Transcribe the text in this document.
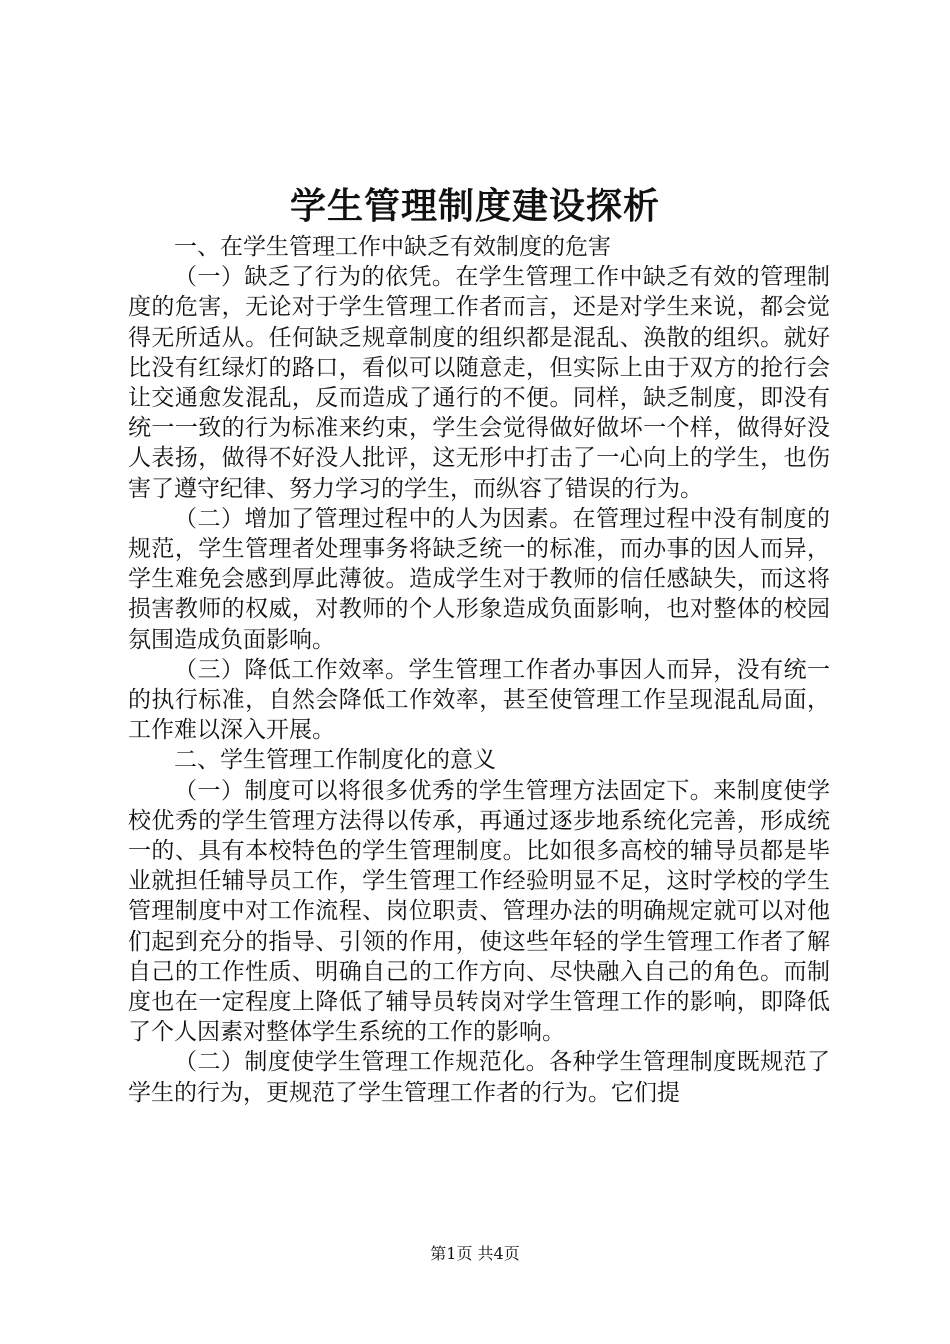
学生管理制度建设探析

一、在学生管理工作中缺乏有效制度的危害

（一）缺乏了行为的依凭。在学生管理工作中缺乏有效的管理制度的危害，无论对于学生管理工作者而言，还是对学生来说，都会觉得无所适从。任何缺乏规章制度的组织都是混乱、涣散的组织。就好比没有红绿灯的路口，看似可以随意走，但实际上由于双方的抢行会让交通愈发混乱，反而造成了通行的不便。同样，缺乏制度，即没有统一一致的行为标准来约束，学生会觉得做好做坏一个样，做得好没人表扬，做得不好没人批评，这无形中打击了一心向上的学生，也伤害了遵守纪律、努力学习的学生，而纵容了错误的行为。

（二）增加了管理过程中的人为因素。在管理过程中没有制度的规范，学生管理者处理事务将缺乏统一的标准，而办事的因人而异，学生难免会感到厚此薄彼。造成学生对于教师的信任感缺失，而这将损害教师的权威，对教师的个人形象造成负面影响，也对整体的校园氛围造成负面影响。

（三）降低工作效率。学生管理工作者办事因人而异，没有统一的执行标准，自然会降低工作效率，甚至使管理工作呈现混乱局面，工作难以深入开展。

二、学生管理工作制度化的意义

（一）制度可以将很多优秀的学生管理方法固定下。来制度使学校优秀的学生管理方法得以传承，再通过逐步地系统化完善，形成统一的、具有本校特色的学生管理制度。比如很多高校的辅导员都是毕业就担任辅导员工作，学生管理工作经验明显不足，这时学校的学生管理制度中对工作流程、岗位职责、管理办法的明确规定就可以对他们起到充分的指导、引领的作用，使这些年轻的学生管理工作者了解自己的工作性质、明确自己的工作方向、尽快融入自己的角色。而制度也在一定程度上降低了辅导员转岗对学生管理工作的影响，即降低了个人因素对整体学生系统的工作的影响。

（二）制度使学生管理工作规范化。各种学生管理制度既规范了学生的行为，更规范了学生管理工作者的行为。它们提

第1页 共4页
